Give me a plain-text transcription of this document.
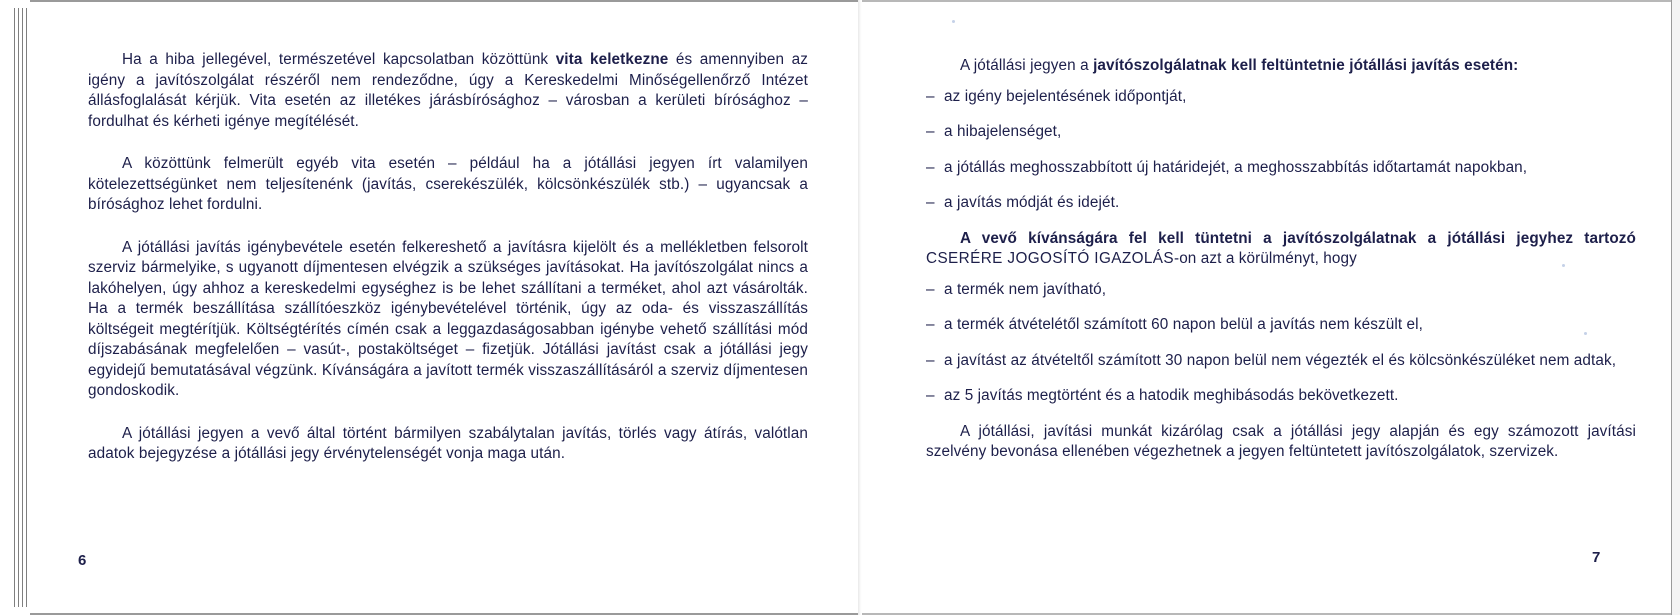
Ha a hiba jellegével, természetével kapcsolatban közöttünk vita keletkezne és amennyiben az igény a javítószolgálat részéről nem rendeződne, úgy a Kereskedelmi Minőségellenőrző Intézet állásfoglalását kérjük. Vita esetén az illetékes járásbírósághoz – városban a kerületi bírósághoz – fordulhat és kérheti igénye megítélését.

A közöttünk felmerült egyéb vita esetén – például ha a jótállási jegyen írt valamilyen kötelezettségünket nem teljesítenénk (javítás, cserekészülék, kölcsönkészülék stb.) – ugyancsak a bírósághoz lehet fordulni.

A jótállási javítás igénybevétele esetén felkereshető a javításra kijelölt és a mellékletben felsorolt szerviz bármelyike, s ugyanott díjmentesen elvégzik a szükséges javításokat. Ha javítószolgálat nincs a lakóhelyen, úgy ahhoz a kereskedelmi egységhez is be lehet szállítani a terméket, ahol azt vásárolták. Ha a termék beszállítása szállítóeszköz igénybevételével történik, úgy az oda- és visszaszállítás költségeit megtérítjük. Költségtérítés címén csak a leggazdaságosabban igénybe vehető szállítási mód díjszabásának megfelelően – vasút-, postaköltséget – fizetjük. Jótállási javítást csak a jótállási jegy egyidejű bemutatásával végzünk. Kívánságára a javított termék visszaszállításáról a szerviz díjmentesen gondoskodik.

A jótállási jegyen a vevő által történt bármilyen szabálytalan javítás, törlés vagy átírás, valótlan adatok bejegyzése a jótállási jegy érvénytelenségét vonja maga után.

6

A jótállási jegyen a javítószolgálatnak kell feltüntetnie jótállási javítás esetén:

– az igény bejelentésének időpontját,

– a hibajelenséget,

– a jótállás meghosszabbított új határidejét, a meghosszabbítás időtartamát napokban,

– a javítás módját és idejét.

A vevő kívánságára fel kell tüntetni a javítószolgálatnak a jótállási jegyhez tartozó CSERÉRE JOGOSÍTÓ IGAZOLÁS-on azt a körülményt, hogy

– a termék nem javítható,

– a termék átvételétől számított 60 napon belül a javítás nem készült el,

– a javítást az átvételtől számított 30 napon belül nem végezték el és kölcsönkészüléket nem adtak,

– az 5 javítás megtörtént és a hatodik meghibásodás bekövetkezett.

A jótállási, javítási munkát kizárólag csak a jótállási jegy alapján és egy számozott javítási szelvény bevonása ellenében végezhetnek a jegyen feltüntetett javítószolgálatok, szervizek.

7
